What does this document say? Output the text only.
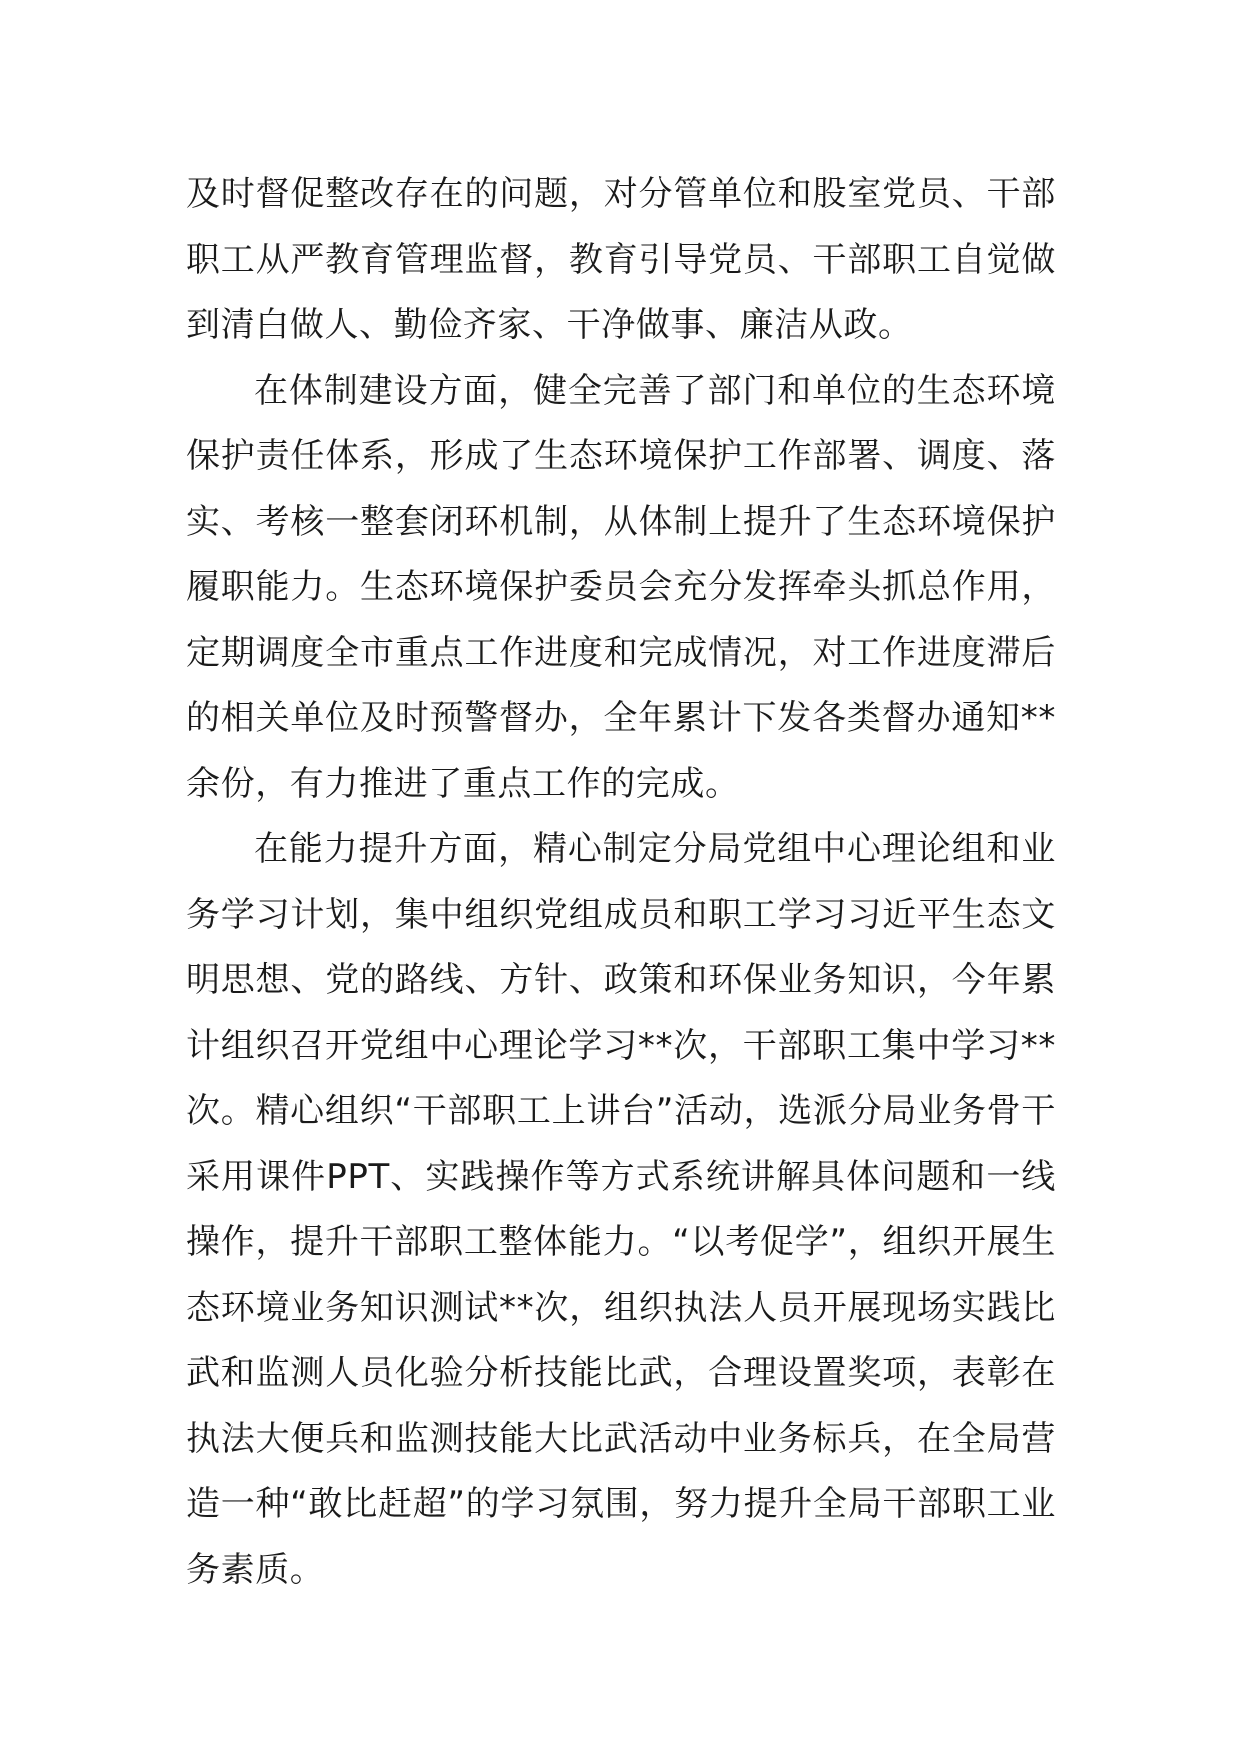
及时督促整改存在的问题，对分管单位和股室党员、干部职工从严教育管理监督，教育引导党员、干部职工自觉做到清白做人、勤俭齐家、干净做事、廉洁从政。

在体制建设方面，健全完善了部门和单位的生态环境保护责任体系，形成了生态环境保护工作部署、调度、落实、考核一整套闭环机制，从体制上提升了生态环境保护履职能力。生态环境保护委员会充分发挥牵头抓总作用，定期调度全市重点工作进度和完成情况，对工作进度滞后的相关单位及时预警督办，全年累计下发各类督办通知**余份，有力推进了重点工作的完成。

在能力提升方面，精心制定分局党组中心理论组和业务学习计划，集中组织党组成员和职工学习习近平生态文明思想、党的路线、方针、政策和环保业务知识，今年累计组织召开党组中心理论学习**次，干部职工集中学习**次。精心组织“干部职工上讲台”活动，选派分局业务骨干采用课件PPT、实践操作等方式系统讲解具体问题和一线操作，提升干部职工整体能力。“以考促学”，组织开展生态环境业务知识测试**次，组织执法人员开展现场实践比武和监测人员化验分析技能比武，合理设置奖项，表彰在执法大便兵和监测技能大比武活动中业务标兵，在全局营造一种“敢比赶超”的学习氛围，努力提升全局干部职工业务素质。
